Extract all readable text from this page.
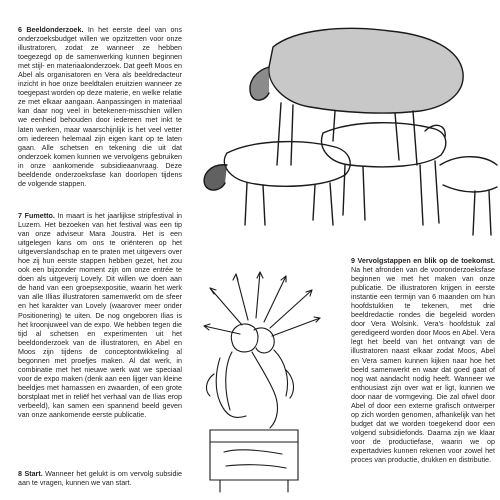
6 Beeldonderzoek. In het eerste deel van ons onderzoeksbudget willen we opzitzetten voor onze illustratoren, zodat ze wanneer ze hebben toegezegd op de samenwerking kunnen beginnen met stijl- en materiaalonderzoek. Dat geeft Moos en Abel als organisatoren en Vera als beeldredacteur inzicht in hoe onze beeldtalen eruitzien wanneer ze toegepast worden op deze materie, en welke relatie ze met elkaar aangaan. Aanpassingen in materiaal kan daar nog veel in betekenen-misschien willen we eenheid behouden door iedereen met inkt te laten werken, maar waarschijnlijk is het veel vetter om iedereen helemaal zijn eigen kant op te laten gaan. Alle schetsen en tekening die uit dat onderzoek komen kunnen we vervolgens gebruiken in onze aankomende subsidieaanvraag. Deze beeldende onderzoeksfase kan doorlopen tijdens de volgende stappen.

7 Fumetto. In maart is het jaarlijkse stripfestival in Luzern. Het bezoeken van het festival was een tip van onze adviseur Mara Joustra. Het is een uitgelegen kans om ons te oriënteren op het uitgeverslandschap en te praten met uitgevers over hoe zij hun eerste stappen hebben gezet, het zou ook een bijzonder moment zijn om onze entrée te doen als uitgeverij Lovely. Dit willen we doen aan de hand van een groepsexpositie, waarin het werk van alle Illias illustratoren samenwerkt om de sfeer en het karakter van Lovely (waarover meer onder Positionering) te uiten. De nog ongeboren Ilias is het kroonjuweel van de expo. We hebben tegen die tijd al schetsen en experimenten uit het beeldonderzoek van de illustratoren, en Abel en Moos zijn tijdens de conceptontwikkeling al begonnen met proefjes maken. Al dat werk, in combinatie met het nieuwe werk wat we speciaal voor de expo maken (denk aan een lijger van kleine beeldjes met harnassen en zwaarden, of een grote borstplaat met in reliëf het verhaal van de Ilias erop verbeeld), kan samen een spannend beeld geven van onze aankomende eerste publicatie.

8 Start. Wanneer het gelukt is om vervolg subsidie aan te vragen, kunnen we van start.

9 Vervolgstappen en blik op de toekomst. Na het afronden van de vooronderzoeksfase beginnen we met het maken van onze publicatie. De illustratoren krijgen in eerste instantie een termijn van 6 maanden om hun hoofdstukken te tekenen, met drie beeldredactie rondes die begeleid worden door Vera Wolsink. Vera's hoofdstuk zal geredigeerd worden door Moos en Abel. Vera legt het beeld van het ontvangt van de illustratoren naast elkaar zodat Moos, Abel en Vera samen kunnen kijken naar hoe het beeld samenwerkt en waar dat goed gaat of nog wat aandacht nodig heeft. Wanneer we enthousiast zijn over wat er ligt, kunnen we door naar de vormgeving. Die zal ofwel door Abel of door een externe grafisch ontwerper op zich worden genomen, afhankelijk van het budget dat we worden toegekend door een volgend subsidiefonds. Daarna zijn we klaar voor de productiefase, waarin we op expertadvies kunnen rekenen voor zowel het proces van productie, drukken en distributie.
